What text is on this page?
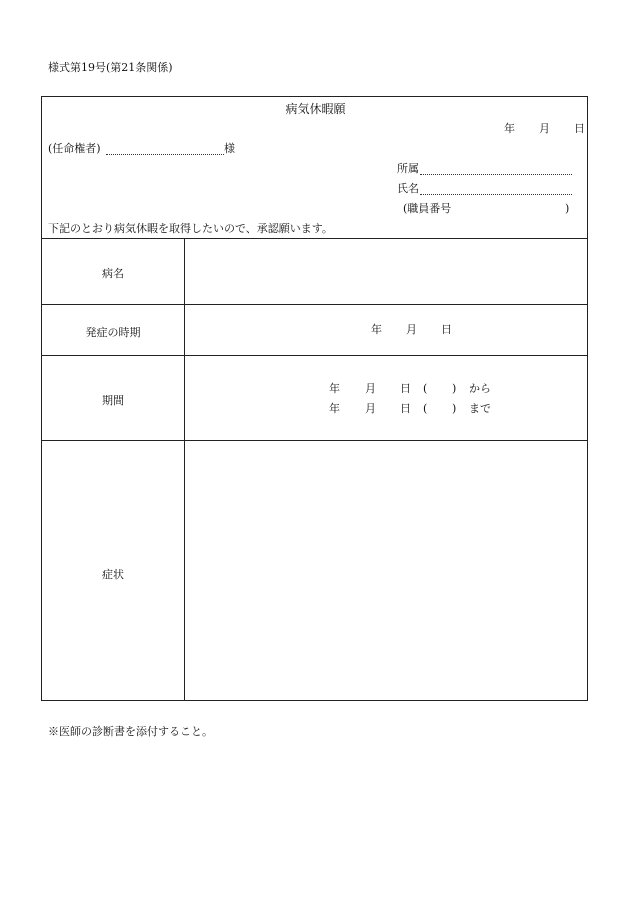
様式第19号(第21条関係)
病気休暇願
年 月 日
(任命権者)	様
所属
氏名
(職員番号	)
下記のとおり病気休暇を取得したいので、承認願います。
病名
発症の時期	年 月 日
期間
年 月 日 ( ) から
年 月 日 ( ) まで
症状
※医師の診断書を添付すること。
